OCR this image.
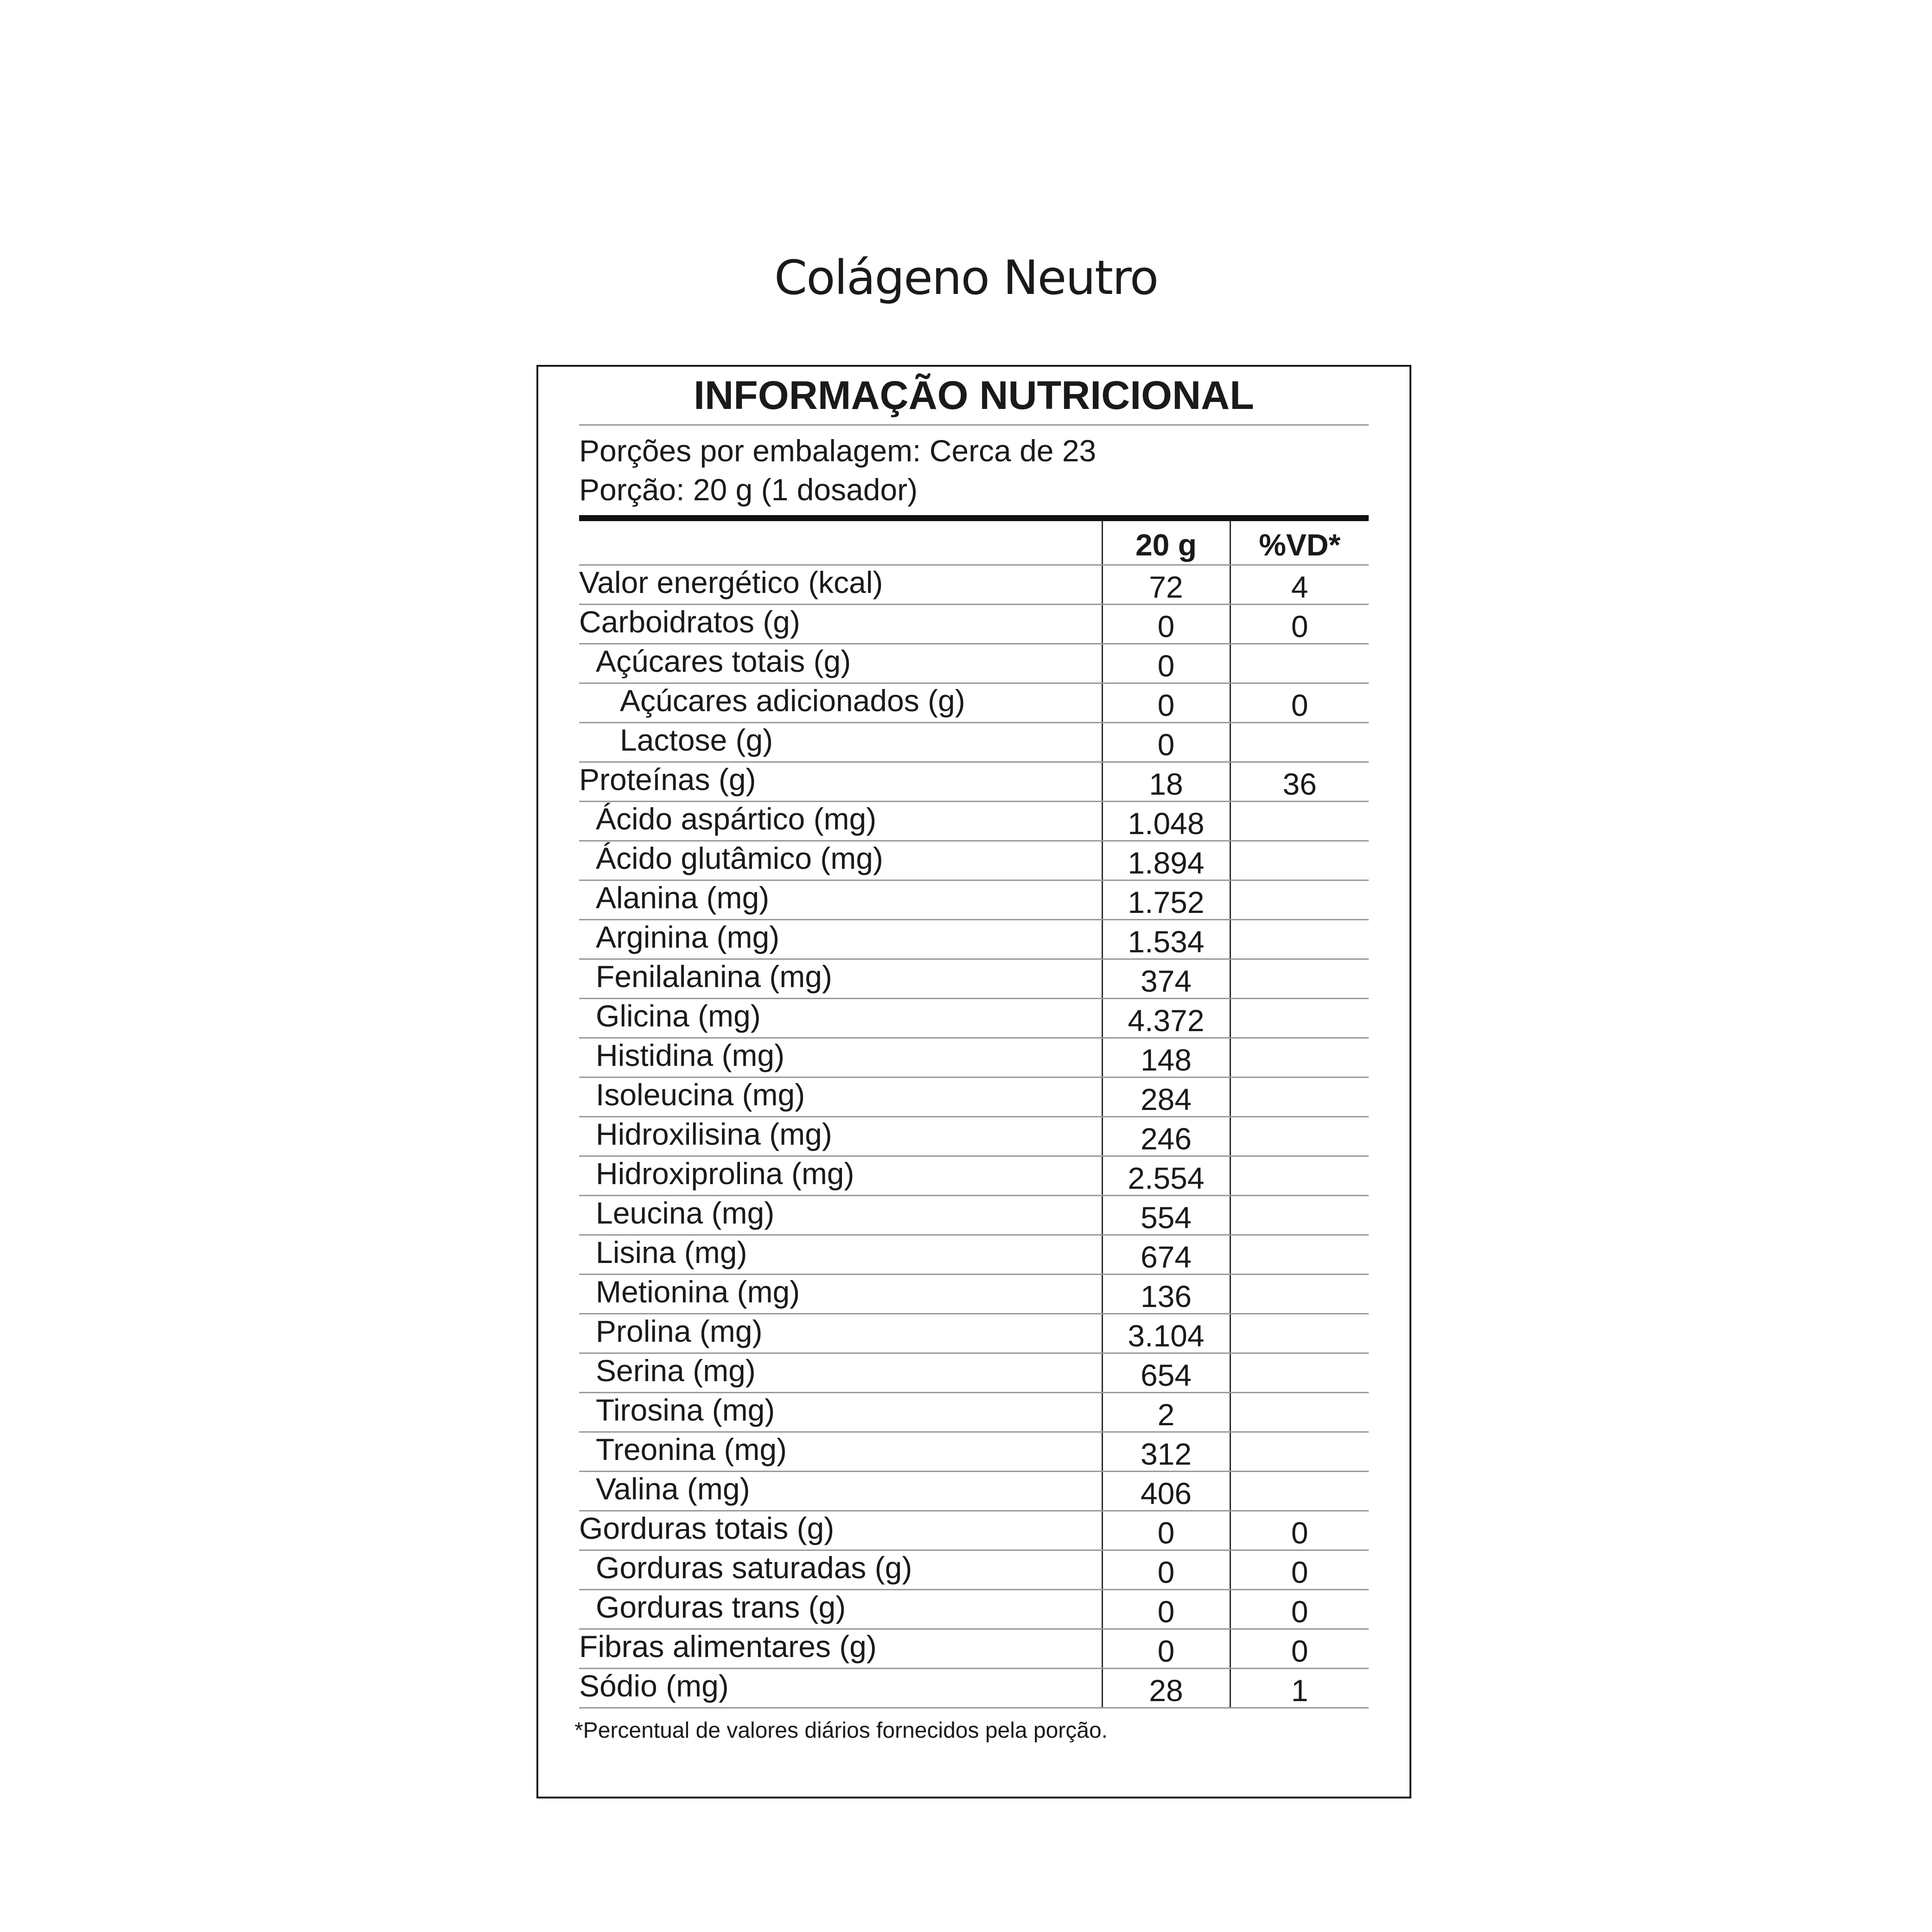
Colágeno Neutro
INFORMAÇÃO NUTRICIONAL
Porções por embalagem: Cerca de 23
Porção: 20 g (1 dosador)
	20 g	%VD*
Valor energético (kcal)	72	4
Carboidratos (g)	0	0
Açúcares totais (g)	0	
Açúcares adicionados (g)	0	0
Lactose (g)	0	
Proteínas (g)	18	36
Ácido aspártico (mg)	1.048	
Ácido glutâmico (mg)	1.894	
Alanina (mg)	1.752	
Arginina (mg)	1.534	
Fenilalanina (mg)	374	
Glicina (mg)	4.372	
Histidina (mg)	148	
Isoleucina (mg)	284	
Hidroxilisina (mg)	246	
Hidroxiprolina (mg)	2.554	
Leucina (mg)	554	
Lisina (mg)	674	
Metionina (mg)	136	
Prolina (mg)	3.104	
Serina (mg)	654	
Tirosina (mg)	2	
Treonina (mg)	312	
Valina (mg)	406	
Gorduras totais (g)	0	0
Gorduras saturadas (g)	0	0
Gorduras trans (g)	0	0
Fibras alimentares (g)	0	0
Sódio (mg)	28	1
*Percentual de valores diários fornecidos pela porção.
